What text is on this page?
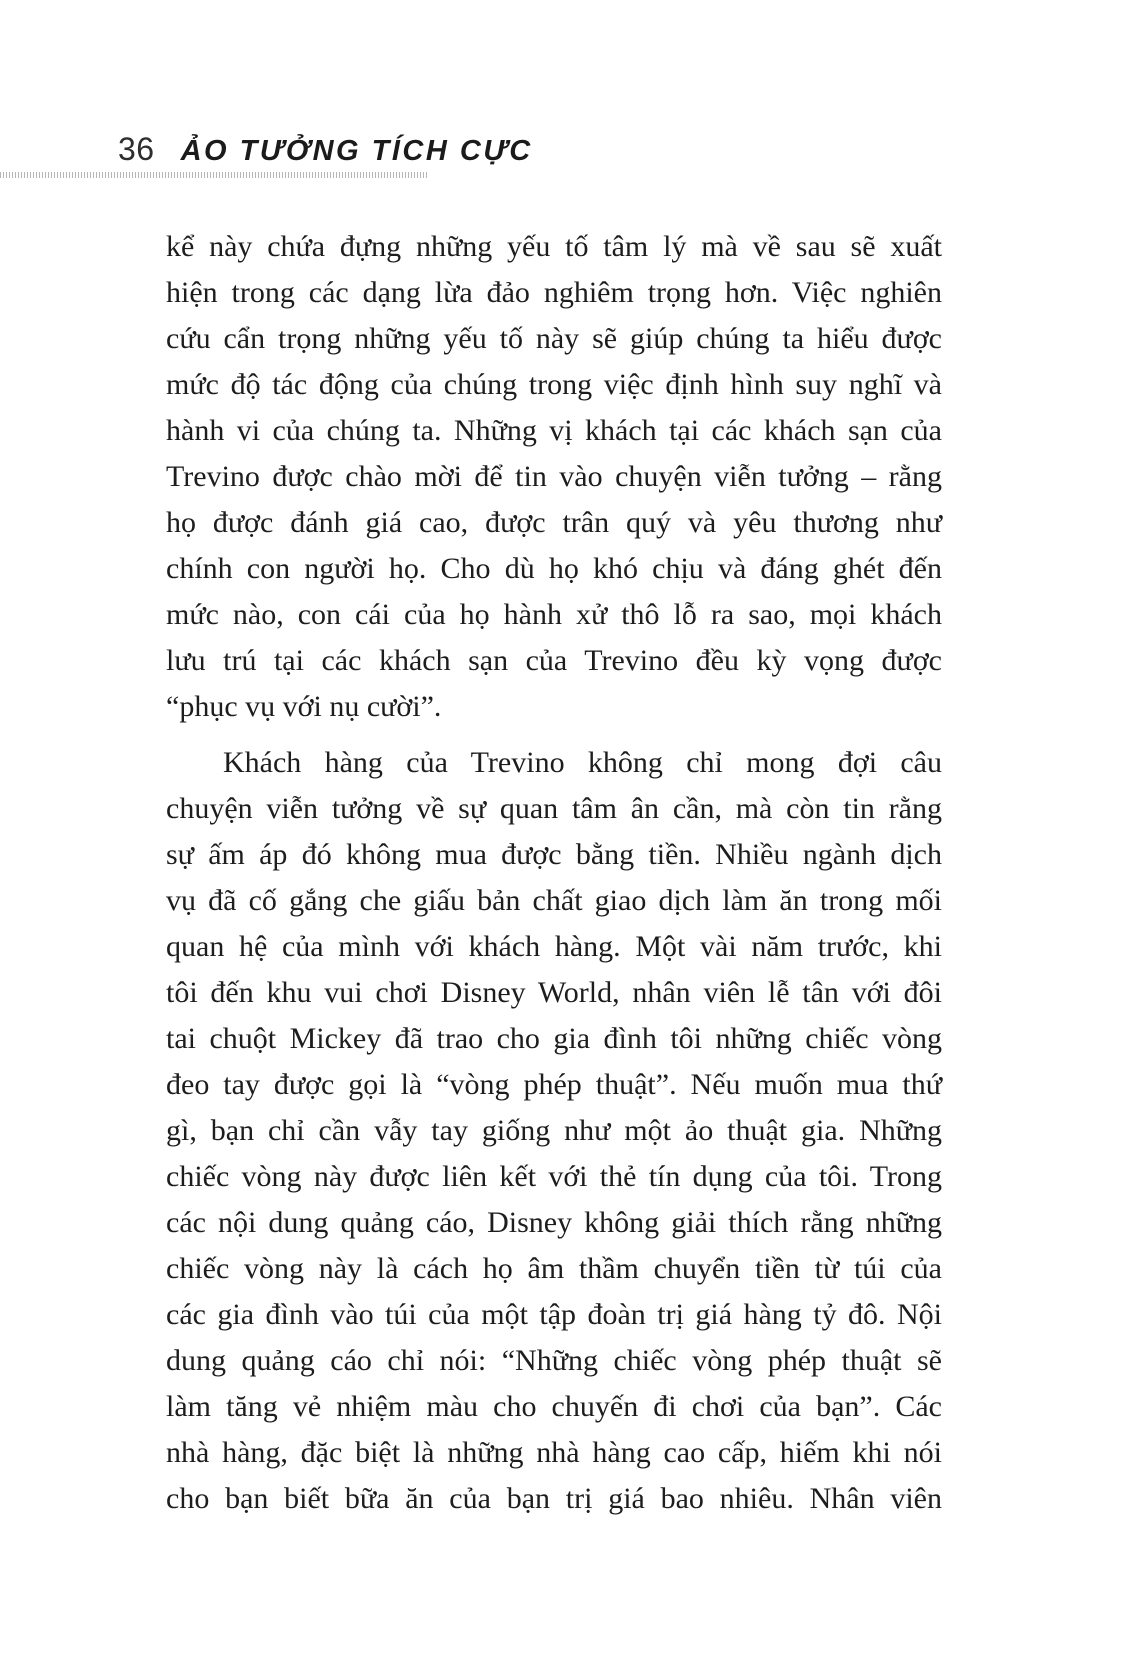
36 ẢO TƯỞNG TÍCH CỰC
kể này chứa đựng những yếu tố tâm lý mà về sau sẽ xuất
hiện trong các dạng lừa đảo nghiêm trọng hơn. Việc nghiên
cứu cẩn trọng những yếu tố này sẽ giúp chúng ta hiểu được
mức độ tác động của chúng trong việc định hình suy nghĩ và
hành vi của chúng ta. Những vị khách tại các khách sạn của
Trevino được chào mời để tin vào chuyện viễn tưởng – rằng
họ được đánh giá cao, được trân quý và yêu thương như
chính con người họ. Cho dù họ khó chịu và đáng ghét đến
mức nào, con cái của họ hành xử thô lỗ ra sao, mọi khách
lưu trú tại các khách sạn của Trevino đều kỳ vọng được
“phục vụ với nụ cười”.
Khách hàng của Trevino không chỉ mong đợi câu
chuyện viễn tưởng về sự quan tâm ân cần, mà còn tin rằng
sự ấm áp đó không mua được bằng tiền. Nhiều ngành dịch
vụ đã cố gắng che giấu bản chất giao dịch làm ăn trong mối
quan hệ của mình với khách hàng. Một vài năm trước, khi
tôi đến khu vui chơi Disney World, nhân viên lễ tân với đôi
tai chuột Mickey đã trao cho gia đình tôi những chiếc vòng
đeo tay được gọi là “vòng phép thuật”. Nếu muốn mua thứ
gì, bạn chỉ cần vẫy tay giống như một ảo thuật gia. Những
chiếc vòng này được liên kết với thẻ tín dụng của tôi. Trong
các nội dung quảng cáo, Disney không giải thích rằng những
chiếc vòng này là cách họ âm thầm chuyển tiền từ túi của
các gia đình vào túi của một tập đoàn trị giá hàng tỷ đô. Nội
dung quảng cáo chỉ nói: “Những chiếc vòng phép thuật sẽ
làm tăng vẻ nhiệm màu cho chuyến đi chơi của bạn”. Các
nhà hàng, đặc biệt là những nhà hàng cao cấp, hiếm khi nói
cho bạn biết bữa ăn của bạn trị giá bao nhiêu. Nhân viên
